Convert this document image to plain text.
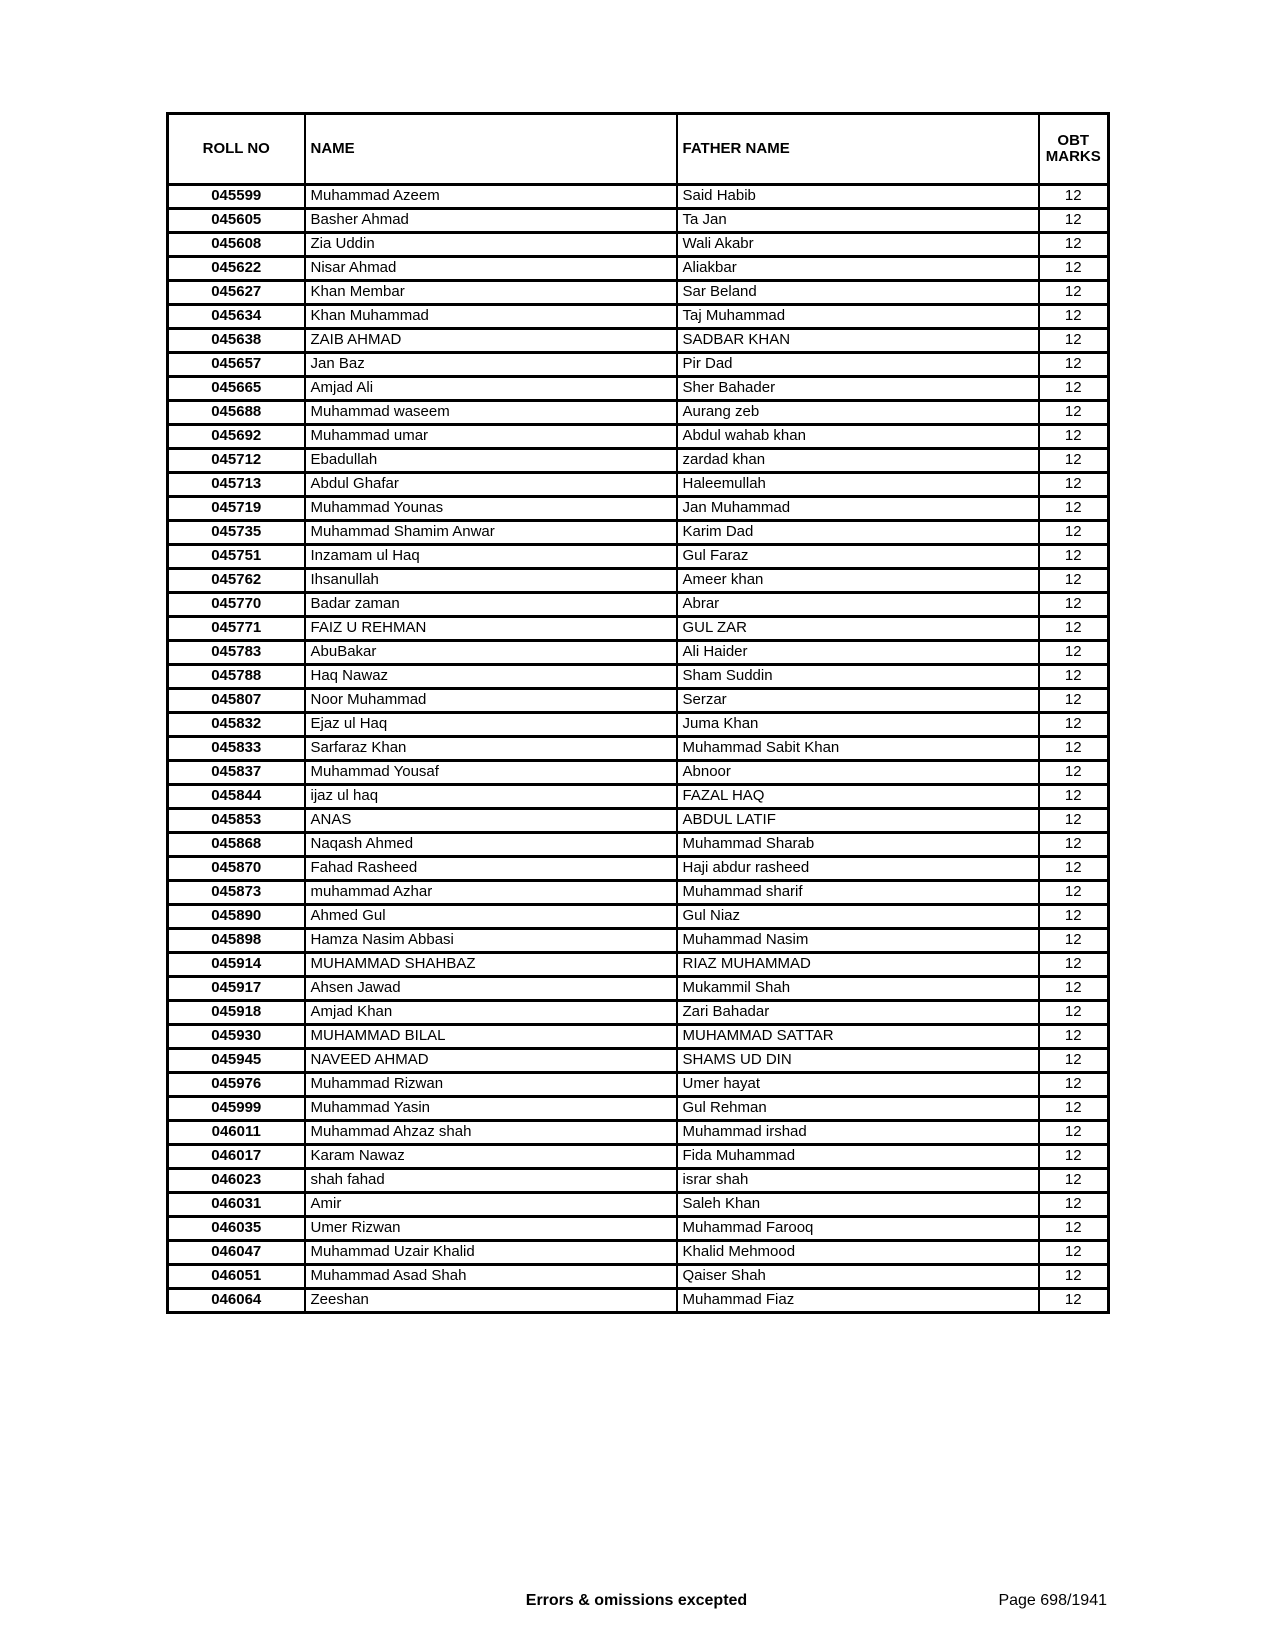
ROLL NO	NAME	FATHER NAME	OBT MARKS
045599	Muhammad Azeem	Said Habib	12
045605	Basher Ahmad	Ta Jan	12
045608	Zia Uddin	Wali Akabr	12
045622	Nisar Ahmad	Aliakbar	12
045627	Khan Membar	Sar Beland	12
045634	Khan Muhammad	Taj Muhammad	12
045638	ZAIB AHMAD	SADBAR KHAN	12
045657	Jan Baz	Pir Dad	12
045665	Amjad Ali	Sher Bahader	12
045688	Muhammad waseem	Aurang zeb	12
045692	Muhammad umar	Abdul wahab khan	12
045712	Ebadullah	zardad khan	12
045713	Abdul Ghafar	Haleemullah	12
045719	Muhammad Younas	Jan Muhammad	12
045735	Muhammad Shamim Anwar	Karim Dad	12
045751	Inzamam ul Haq	Gul Faraz	12
045762	Ihsanullah	Ameer khan	12
045770	Badar zaman	Abrar	12
045771	FAIZ U REHMAN	GUL ZAR	12
045783	AbuBakar	Ali Haider	12
045788	Haq Nawaz	Sham Suddin	12
045807	Noor Muhammad	Serzar	12
045832	Ejaz ul Haq	Juma Khan	12
045833	Sarfaraz Khan	Muhammad Sabit Khan	12
045837	Muhammad Yousaf	Abnoor	12
045844	ijaz ul haq	FAZAL HAQ	12
045853	ANAS	ABDUL LATIF	12
045868	Naqash Ahmed	Muhammad Sharab	12
045870	Fahad Rasheed	Haji abdur rasheed	12
045873	muhammad Azhar	Muhammad sharif	12
045890	Ahmed Gul	Gul Niaz	12
045898	Hamza Nasim Abbasi	Muhammad Nasim	12
045914	MUHAMMAD SHAHBAZ	RIAZ MUHAMMAD	12
045917	Ahsen Jawad	Mukammil Shah	12
045918	Amjad Khan	Zari Bahadar	12
045930	MUHAMMAD BILAL	MUHAMMAD SATTAR	12
045945	NAVEED AHMAD	SHAMS UD DIN	12
045976	Muhammad Rizwan	Umer hayat	12
045999	Muhammad Yasin	Gul Rehman	12
046011	Muhammad Ahzaz shah	Muhammad irshad	12
046017	Karam Nawaz	Fida Muhammad	12
046023	shah fahad	israr shah	12
046031	Amir	Saleh Khan	12
046035	Umer Rizwan	Muhammad Farooq	12
046047	Muhammad Uzair Khalid	Khalid Mehmood	12
046051	Muhammad Asad Shah	Qaiser Shah	12
046064	Zeeshan	Muhammad Fiaz	12
Errors & omissions excepted	Page 698/1941
